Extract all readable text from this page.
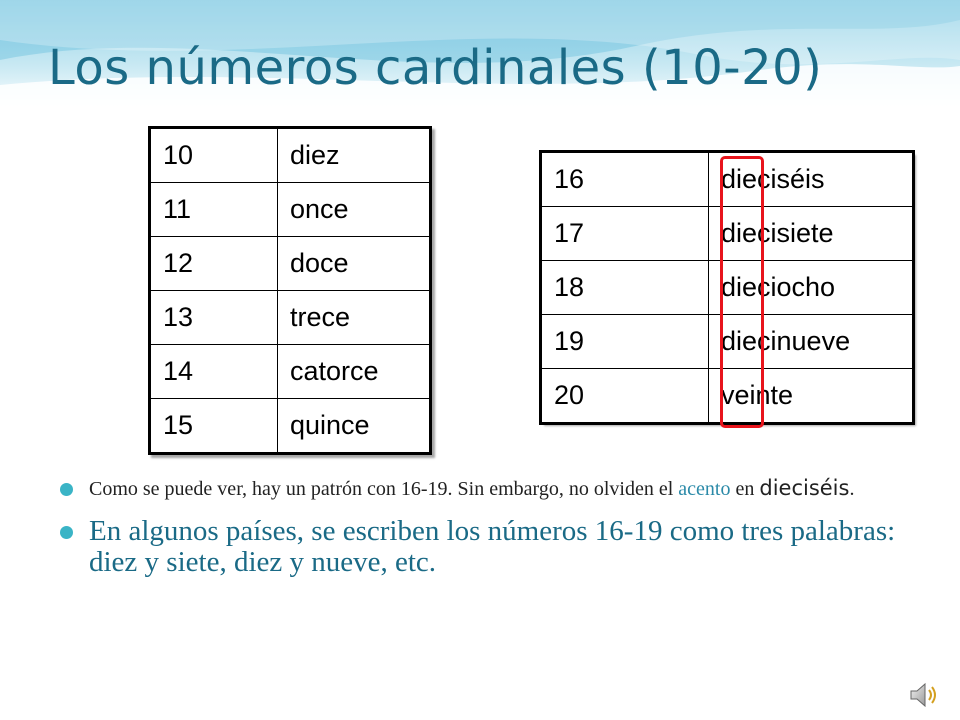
Los números cardinales (10-20)
10	diez
11	once
12	doce
13	trece
14	catorce
15	quince
16	dieciséis
17	diecisiete
18	dieciocho
19	diecinueve
20	veinte
Como se puede ver, hay un patrón con 16-19. Sin embargo, no olviden el acento en dieciséis.
En algunos países, se escriben los números 16-19 como tres palabras: diez y siete, diez y nueve, etc.
